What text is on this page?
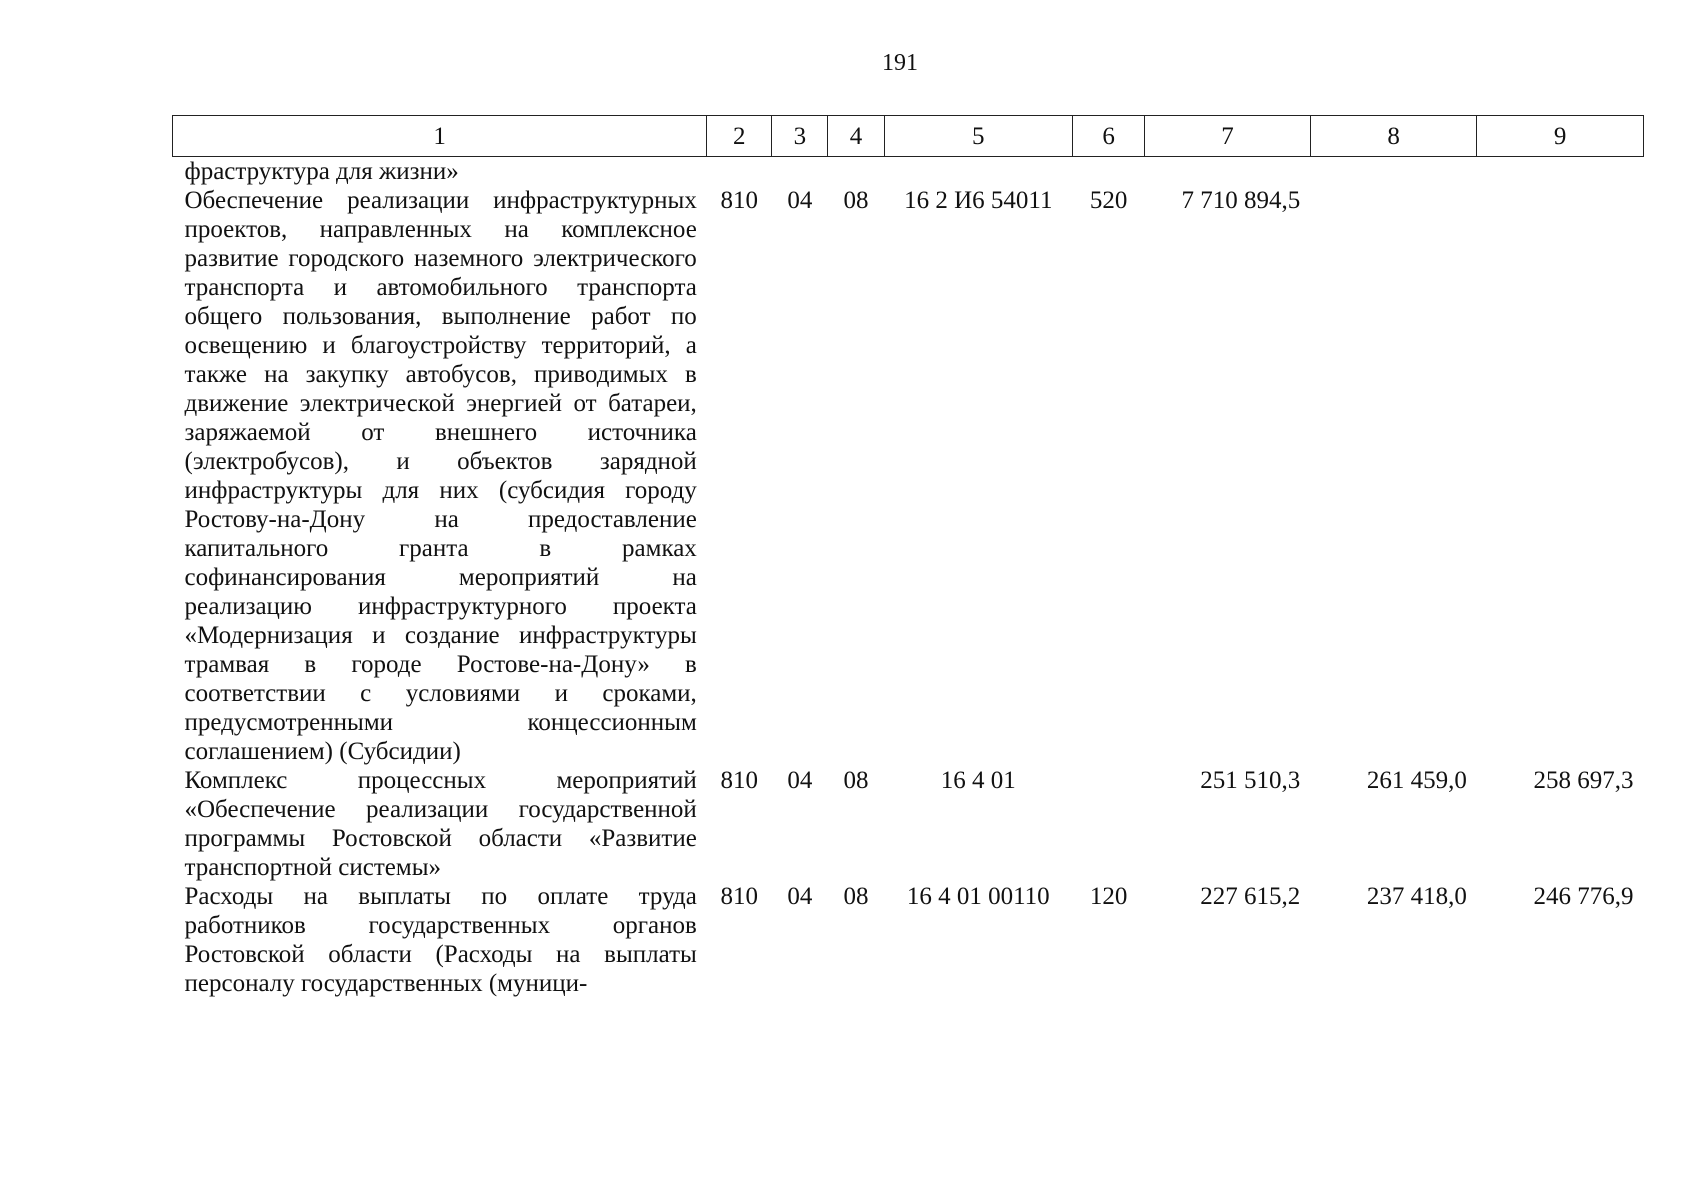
191
1	2	3	4	5	6	7	8	9
фраструктура для жизни»								
Обеспечение реализации инфраструктурных проектов, направленных на комплексное развитие городского наземного электрического транспорта и автомобильного транспорта общего пользования, выполнение работ по освещению и благоустройству территорий, а также на закупку автобусов, приводимых в движение электрической энергией от батареи, заряжаемой от внешнего источника (электробусов), и объектов зарядной инфраструктуры для них (субсидия городу Ростову-на-Дону на предоставление капитального гранта в рамках софинансирования мероприятий на реализацию инфраструктурного проекта «Модернизация и создание инфраструктуры трамвая в городе Ростове-на-Дону» в соответствии с условиями и сроками, предусмотренными концессионным соглашением) (Субсидии)	810	04	08	16 2 И6 54011	520	7 710 894,5		
Комплекс процессных мероприятий «Обеспечение реализации государственной программы Ростовской области «Развитие транспортной системы»	810	04	08	16 4 01		251 510,3	261 459,0	258 697,3
Расходы на выплаты по оплате труда работников государственных органов Ростовской области (Расходы на выплаты персоналу государственных (муници-	810	04	08	16 4 01 00110	120	227 615,2	237 418,0	246 776,9
